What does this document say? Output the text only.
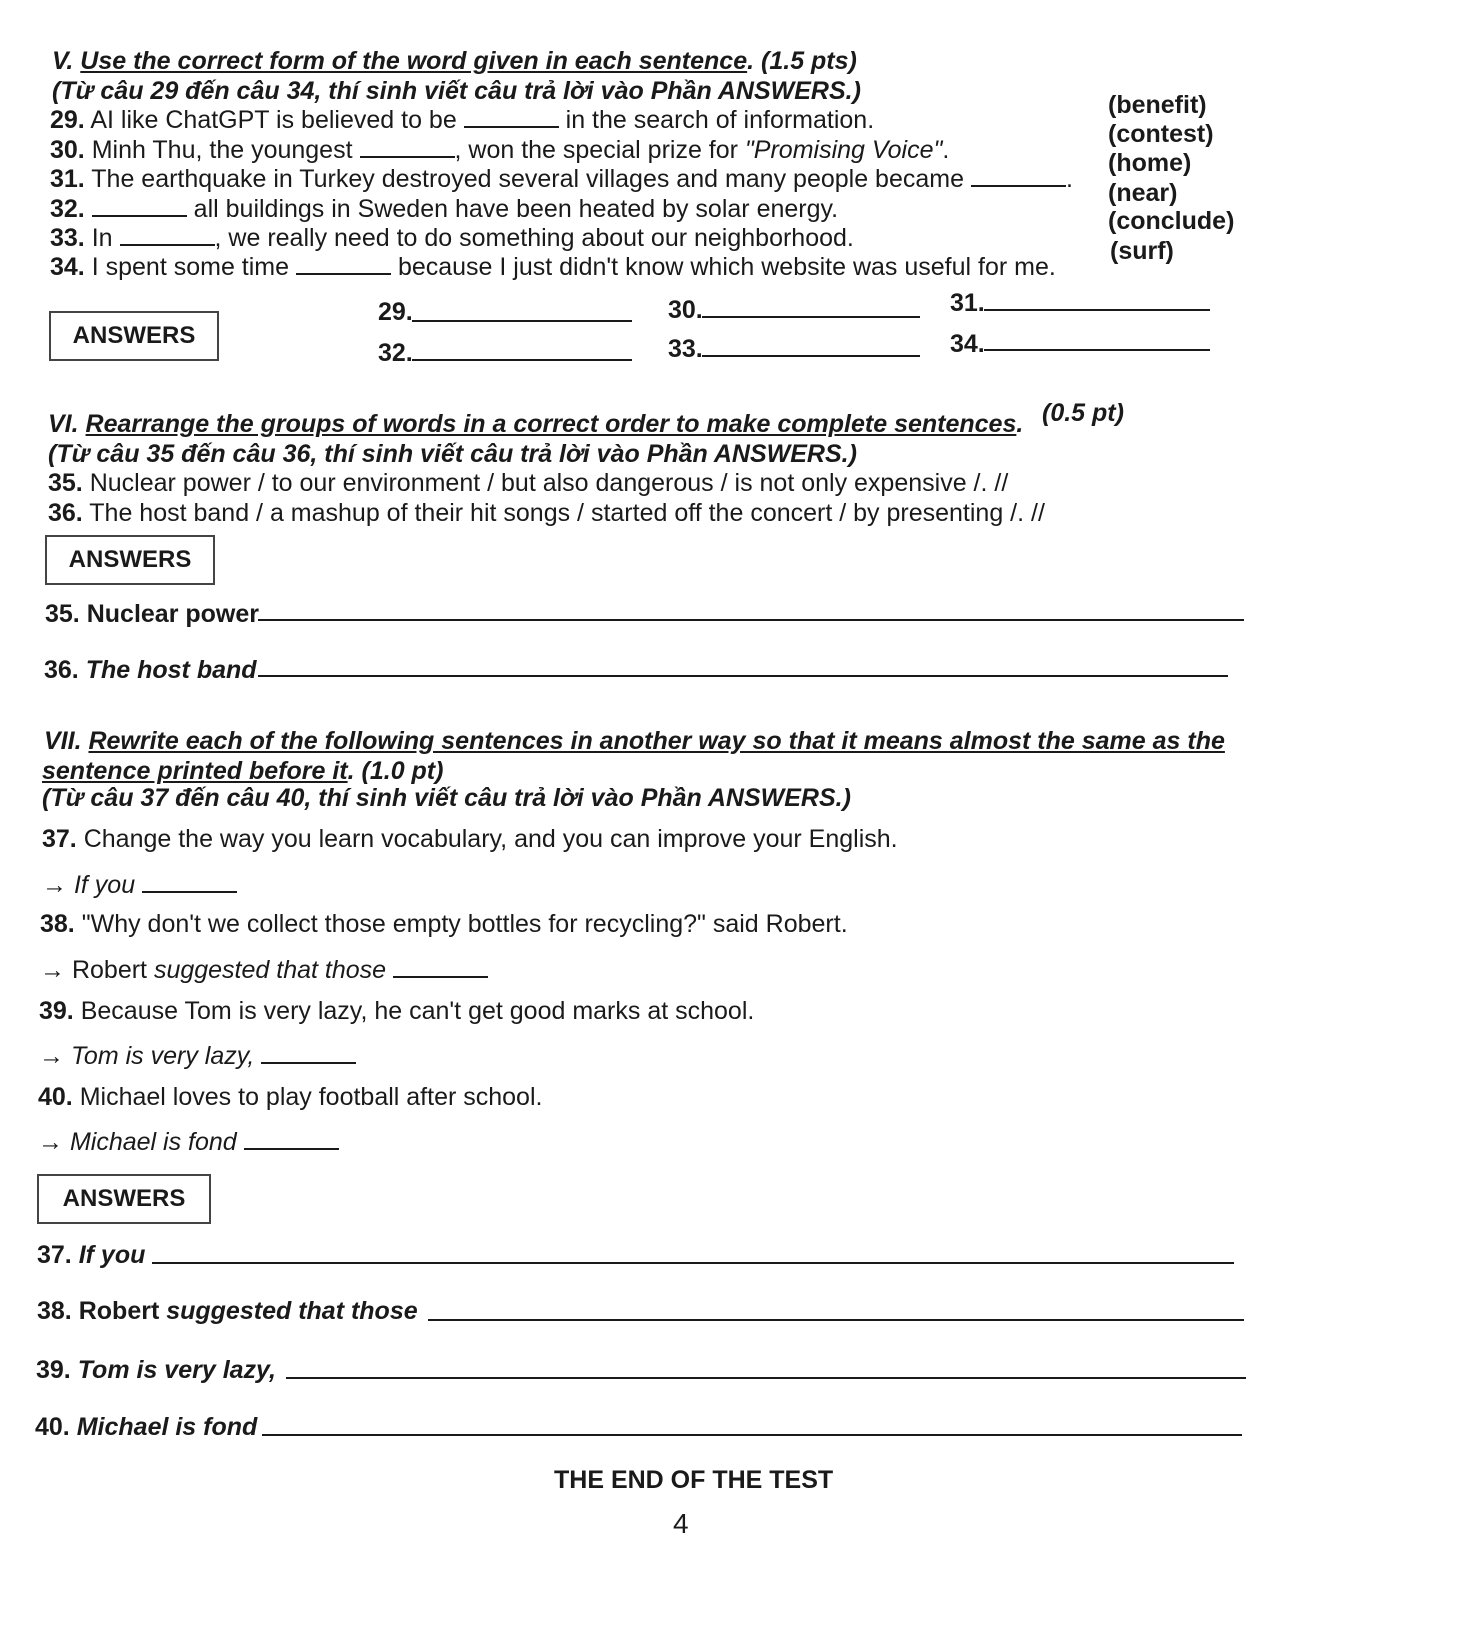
V. Use the correct form of the word given in each sentence. (1.5 pts)
(Từ câu 29 đến câu 34, thí sinh viết câu trả lời vào Phần ANSWERS.)
29. AI like ChatGPT is believed to be	in the search of information.
(benefit)
30. Minh Thu, the youngest	, won the special prize for "Promising Voice".
(contest)
31. The earthquake in Turkey destroyed several villages and many people became	.
(home)
32.	all buildings in Sweden have been heated by solar energy.
(near)
33. In	, we really need to do something about our neighborhood.
(conclude)
34. I spent some time	because I just didn't know which website was useful for me.
(surf)
ANSWERS
29.	30.	31.
32.	33.	34.
VI. Rearrange the groups of words in a correct order to make complete sentences. (0.5 pt)
(Từ câu 35 đến câu 36, thí sinh viết câu trả lời vào Phần ANSWERS.)
35. Nuclear power / to our environment / but also dangerous / is not only expensive /. //
36. The host band / a mashup of their hit songs / started off the concert / by presenting /. //
ANSWERS
35. Nuclear power
36. The host band
VII. Rewrite each of the following sentences in another way so that it means almost the same as the
sentence printed before it. (1.0 pt)
(Từ câu 37 đến câu 40, thí sinh viết câu trả lời vào Phần ANSWERS.)
37. Change the way you learn vocabulary, and you can improve your English.
→ If you
38. "Why don't we collect those empty bottles for recycling?" said Robert.
→ Robert suggested that those
39. Because Tom is very lazy, he can't get good marks at school.
→ Tom is very lazy,
40. Michael loves to play football after school.
→ Michael is fond
ANSWERS
37. If you
38. Robert suggested that those
39. Tom is very lazy,
40. Michael is fond
THE END OF THE TEST
4
